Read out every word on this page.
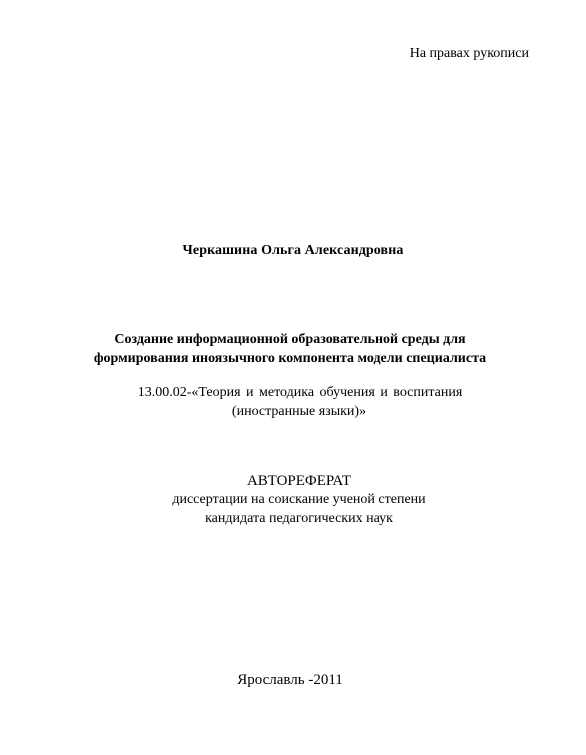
На правах рукописи
Черкашина Ольга Александровна
Создание информационной образовательной среды для
формирования иноязычного компонента модели специалиста
13.00.02-«Теория и методика обучения и воспитания
(иностранные языки)»
АВТОРЕФЕРАТ
диссертации на соискание ученой степени
кандидата педагогических наук
Ярославль -2011
